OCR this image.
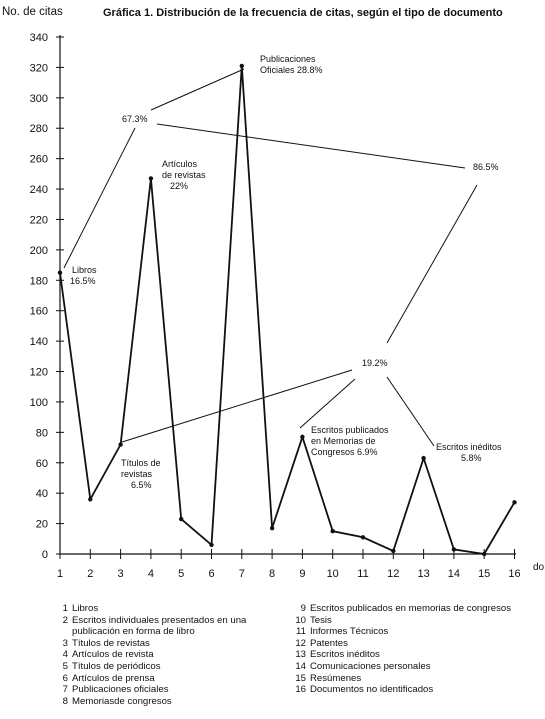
0
20
40
60
80
100
120
140
160
180
200
220
240
260
280
300
320
340
1 2 3 4 5 6 7 8 9 10 11 12 13 14 15 16
Gráfica 1. Distribución de la frecuencia de citas, según el tipo de documento
No. de citas
do
Libros
16.5%
Títulos de
revistas
6.5%
Artículos
de revistas
22%
Publicaciones
Oficiales 28.8%
Escritos publicados
en Memorias de
Congresos 6.9%	Escritos inéditos
5.8%
67.3%
86.5%
19.2%
1 Libros
2 Escritos individuales presentados en una
publicación en forma de libro
3 Títulos de revistas
4 Artículos de revista
5 Títulos de periódicos
6 Artículos de prensa
7 Publicaciones oficiales
8 Memoriasde congresos
9 Escritos publicados en memorias de congresos
10 Tesis
11 Informes Técnicos
12 Patentes
13 Escritos inéditos
14 Comunicaciones personales
15 Resúmenes
16 Documentos no identificados
